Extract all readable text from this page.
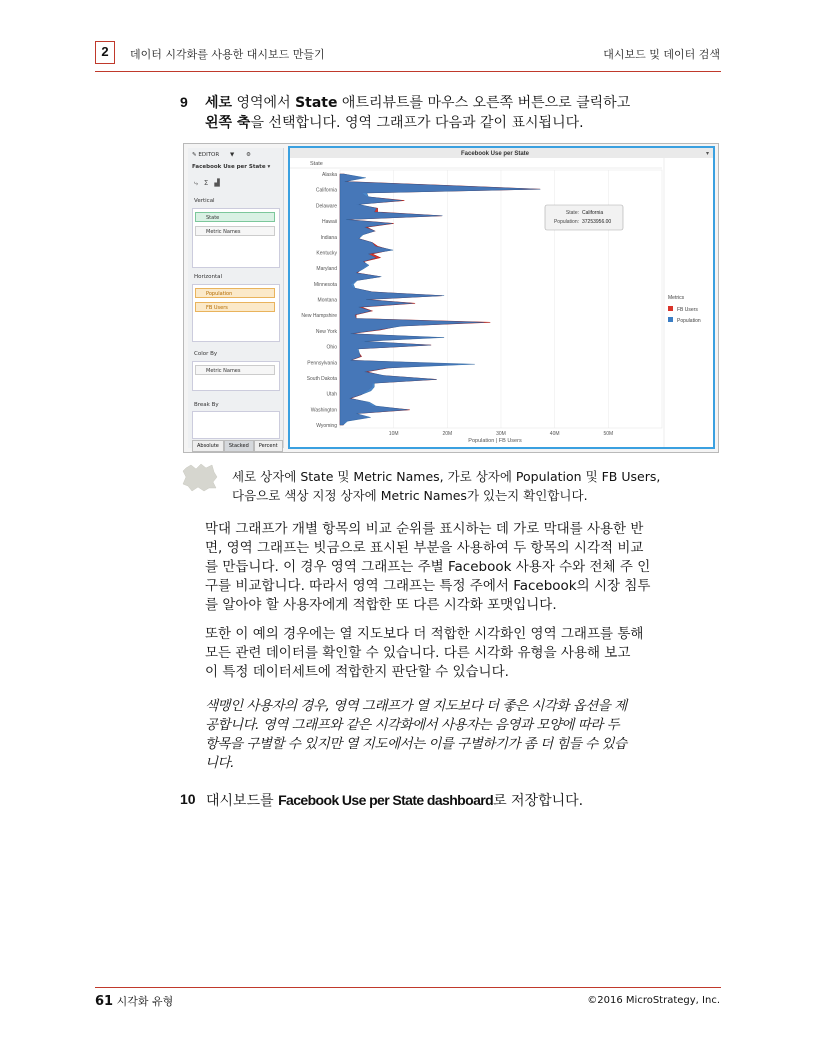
2	데이터 시각화를 사용한 대시보드 만들기	대시보드 및 데이터 검색
9 세로 영역에서 State 애트리뷰트를 마우스 오른쪽 버튼으로 클릭하고
왼쪽 축을 선택합니다. 영역 그래프가 다음과 같이 표시됩니다.
✎ EDITOR ▼ ⚙
Facebook Use per State ▾
⤷Σ▟
Vertical
State
Metric Names
Horizontal
Population
FB Users
Color By
Metric Names
Break By
Absolute	Stacked	Percent
Facebook Use per State	▾
State
10M	20M	30M	40M	50M
Population | FB Users
Alaska
California
Delaware
Hawaii
Indiana
Kentucky
Maryland
Minnesota
Montana
New Hampshire
New York
Ohio
Pennsylvania
South Dakota
Utah
Washington
Wyoming
State: California
Population: 37253956.00
Metrics
FB Users
Population
세로 상자에 State 및 Metric Names, 가로 상자에 Population 및 FB Users,
다음으로 색상 지정 상자에 Metric Names가 있는지 확인합니다.
막대 그래프가 개별 항목의 비교 순위를 표시하는 데 가로 막대를 사용한 반
면, 영역 그래프는 빗금으로 표시된 부분을 사용하여 두 항목의 시각적 비교
를 만듭니다. 이 경우 영역 그래프는 주별 Facebook 사용자 수와 전체 주 인
구를 비교합니다. 따라서 영역 그래프는 특정 주에서 Facebook의 시장 침투
를 알아야 할 사용자에게 적합한 또 다른 시각화 포맷입니다.
또한 이 예의 경우에는 열 지도보다 더 적합한 시각화인 영역 그래프를 통해
모든 관련 데이터를 확인할 수 있습니다. 다른 시각화 유형을 사용해 보고
이 특정 데이터세트에 적합한지 판단할 수 있습니다.
색맹인 사용자의 경우, 영역 그래프가 열 지도보다 더 좋은 시각화 옵션을 제
공합니다. 영역 그래프와 같은 시각화에서 사용자는 음영과 모양에 따라 두
항목을 구별할 수 있지만 열 지도에서는 이를 구별하기가 좀 더 힘들 수 있습
니다.
10 대시보드를 Facebook Use per State dashboard로 저장합니다.
61 시각화 유형	©2016 MicroStrategy, Inc.
